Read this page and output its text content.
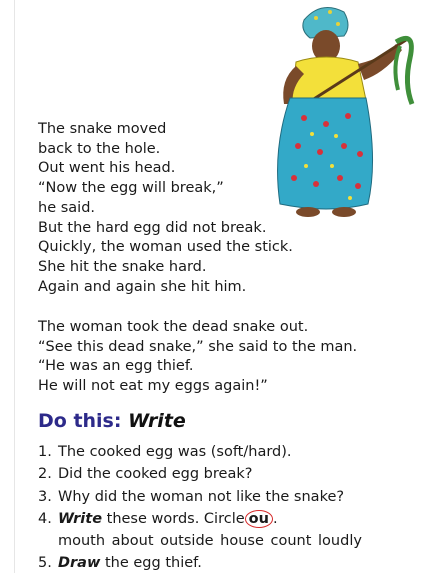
The snake moved
back to the hole.
Out went his head.
“Now the egg will break,”
he said.
But the hard egg did not break.
Quickly, the woman used the stick.
She hit the snake hard.
Again and again she hit him.
The woman took the dead snake out.
“See this dead snake,” she said to the man.
“He was an egg thief.
He will not eat my eggs again!”
Do this: Write
1. The cooked egg was (soft/hard).
2. Did the cooked egg break?
3. Why did the woman not like the snake?
4. Write these words. Circle ou .
mouth about outside house count loudly
5. Draw the egg thief.
